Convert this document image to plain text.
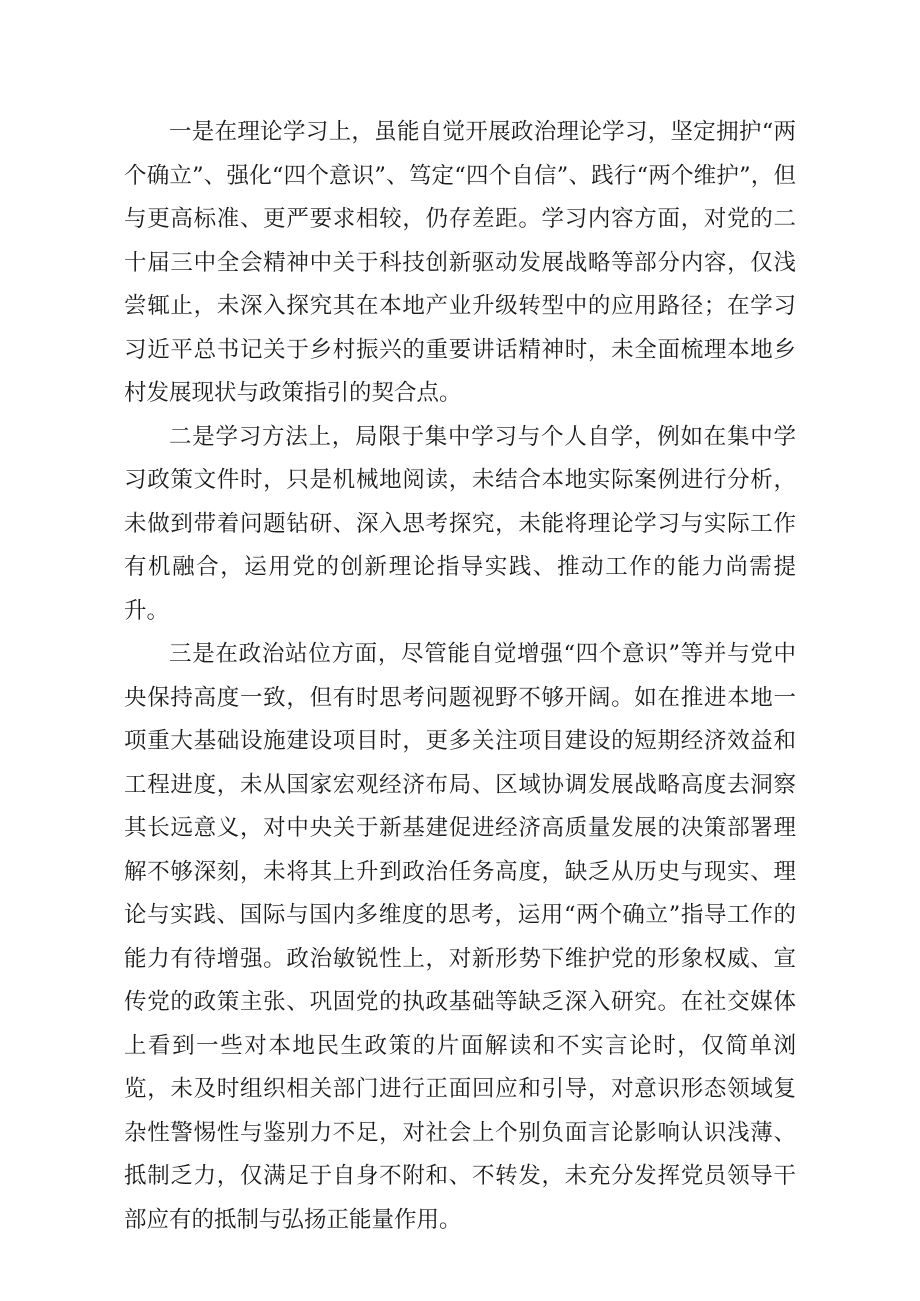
一是在理论学习上，虽能自觉开展政治理论学习，坚定拥护“两个确立”、强化“四个意识”、笃定“四个自信”、践行“两个维护”，但与更高标准、更严要求相较，仍存差距。学习内容方面，对党的二十届三中全会精神中关于科技创新驱动发展战略等部分内容，仅浅尝辄止，未深入探究其在本地产业升级转型中的应用路径；在学习习近平总书记关于乡村振兴的重要讲话精神时，未全面梳理本地乡村发展现状与政策指引的契合点。

二是学习方法上，局限于集中学习与个人自学，例如在集中学习政策文件时，只是机械地阅读，未结合本地实际案例进行分析，未做到带着问题钻研、深入思考探究，未能将理论学习与实际工作有机融合，运用党的创新理论指导实践、推动工作的能力尚需提升。

三是在政治站位方面，尽管能自觉增强“四个意识”等并与党中央保持高度一致，但有时思考问题视野不够开阔。如在推进本地一项重大基础设施建设项目时，更多关注项目建设的短期经济效益和工程进度，未从国家宏观经济布局、区域协调发展战略高度去洞察其长远意义，对中央关于新基建促进经济高质量发展的决策部署理解不够深刻，未将其上升到政治任务高度，缺乏从历史与现实、理论与实践、国际与国内多维度的思考，运用“两个确立”指导工作的能力有待增强。政治敏锐性上，对新形势下维护党的形象权威、宣传党的政策主张、巩固党的执政基础等缺乏深入研究。在社交媒体上看到一些对本地民生政策的片面解读和不实言论时，仅简单浏览，未及时组织相关部门进行正面回应和引导，对意识形态领域复杂性警惕性与鉴别力不足，对社会上个别负面言论影响认识浅薄、抵制乏力，仅满足于自身不附和、不转发，未充分发挥党员领导干部应有的抵制与弘扬正能量作用。
